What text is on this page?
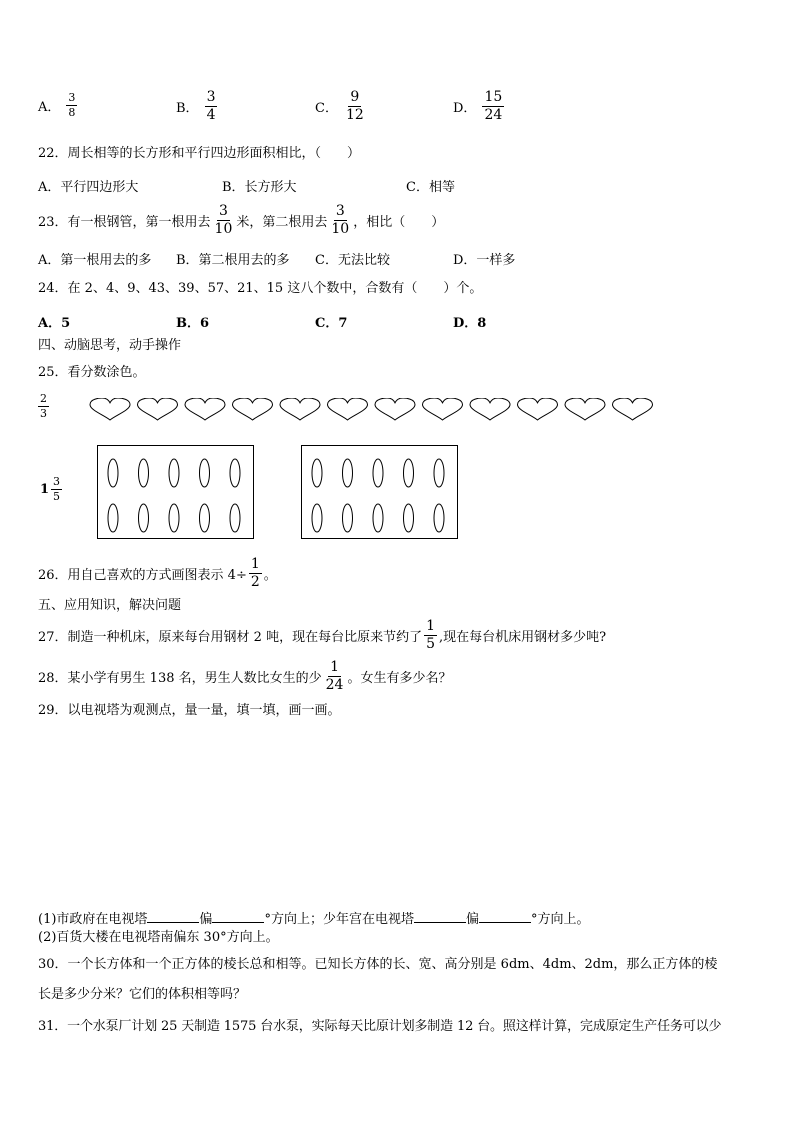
A． $\frac{3}{8}$	B． $\frac{3}{4}$	C． $\frac{9}{12}$	D． $\frac{15}{24}$
22．周长相等的长方形和平行四边形面积相比，（　　）
A．平行四边形大	B．长方形大	C．相等
23．有一根钢管，第一根用去 $\frac{3}{10}$ 米，第二根用去 $\frac{3}{10}$ ，相比（　　）
A．第一根用去的多 B．第二根用去的多 C．无法比较	D．一样多
24．在 2、4、9、43、39、57、21、15 这八个数中，合数有（　　）个。
A．5	B．6	C．7	D．8
四、动脑思考，动手操作
25．看分数涂色。
$\frac{2}{3}$
$1 \frac{3}{5}$
26．用自己喜欢的方式画图表示 $4\div \frac{1}{2}$ 。
五、应用知识，解决问题
27．制造一种机床，原来每台用钢材 2 吨，现在每台比原来节约了 $\frac{1}{5}$ ,现在每台机床用钢材多少吨?
28．某小学有男生 138 名，男生人数比女生的少 $\frac{1}{24}$ 。女生有多少名？
29．以电视塔为观测点，量一量，填一填，画一画。
(1)市政府在电视塔	偏	°方向上；少年宫在电视塔	偏	°方向上。
(2)百货大楼在电视塔南偏东 30°方向上。
30．一个长方体和一个正方体的棱长总和相等。已知长方体的长、宽、高分别是 6dm、4dm、2dm，那么正方体的棱
长是多少分米？它们的体积相等吗？
31．一个水泵厂计划 25 天制造 1575 台水泵，实际每天比原计划多制造 12 台。照这样计算，完成原定生产任务可以少
